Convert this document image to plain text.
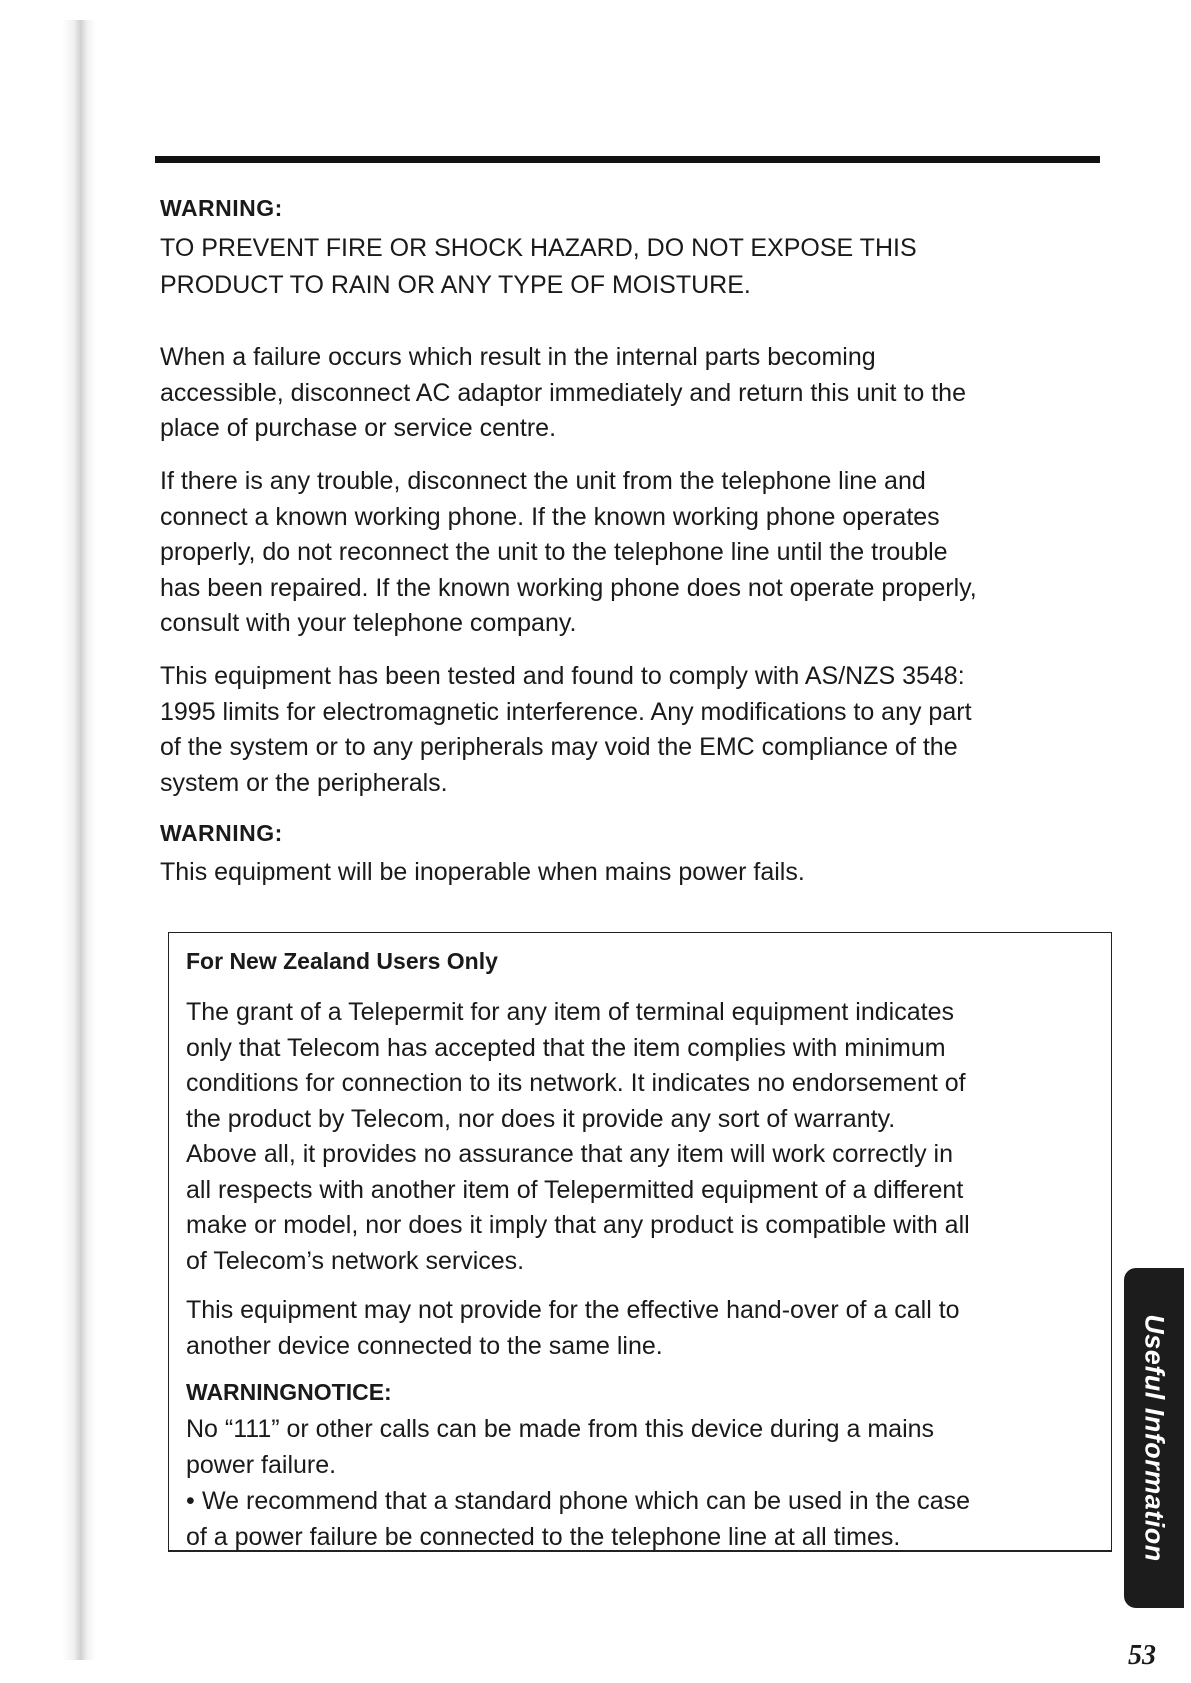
WARNING:

TO PREVENT FIRE OR SHOCK HAZARD, DO NOT EXPOSE THIS
PRODUCT TO RAIN OR ANY TYPE OF MOISTURE.

When a failure occurs which result in the internal parts becoming
accessible, disconnect AC adaptor immediately and return this unit to the
place of purchase or service centre.

If there is any trouble, disconnect the unit from the telephone line and
connect a known working phone. If the known working phone operates
properly, do not reconnect the unit to the telephone line until the trouble
has been repaired. If the known working phone does not operate properly,
consult with your telephone company.

This equipment has been tested and found to comply with AS/NZS 3548:
1995 limits for electromagnetic interference. Any modifications to any part
of the system or to any peripherals may void the EMC compliance of the
system or the peripherals.

WARNING:

This equipment will be inoperable when mains power fails.

For New Zealand Users Only

The grant of a Telepermit for any item of terminal equipment indicates
only that Telecom has accepted that the item complies with minimum
conditions for connection to its network. It indicates no endorsement of
the product by Telecom, nor does it provide any sort of warranty.
Above all, it provides no assurance that any item will work correctly in
all respects with another item of Telepermitted equipment of a different
make or model, nor does it imply that any product is compatible with all
of Telecom’s network services.

This equipment may not provide for the effective hand-over of a call to
another device connected to the same line.

WARNINGNOTICE:

No “111” or other calls can be made from this device during a mains
power failure.

• We recommend that a standard phone which can be used in the case
of a power failure be connected to the telephone line at all times.	Useful Information
53
